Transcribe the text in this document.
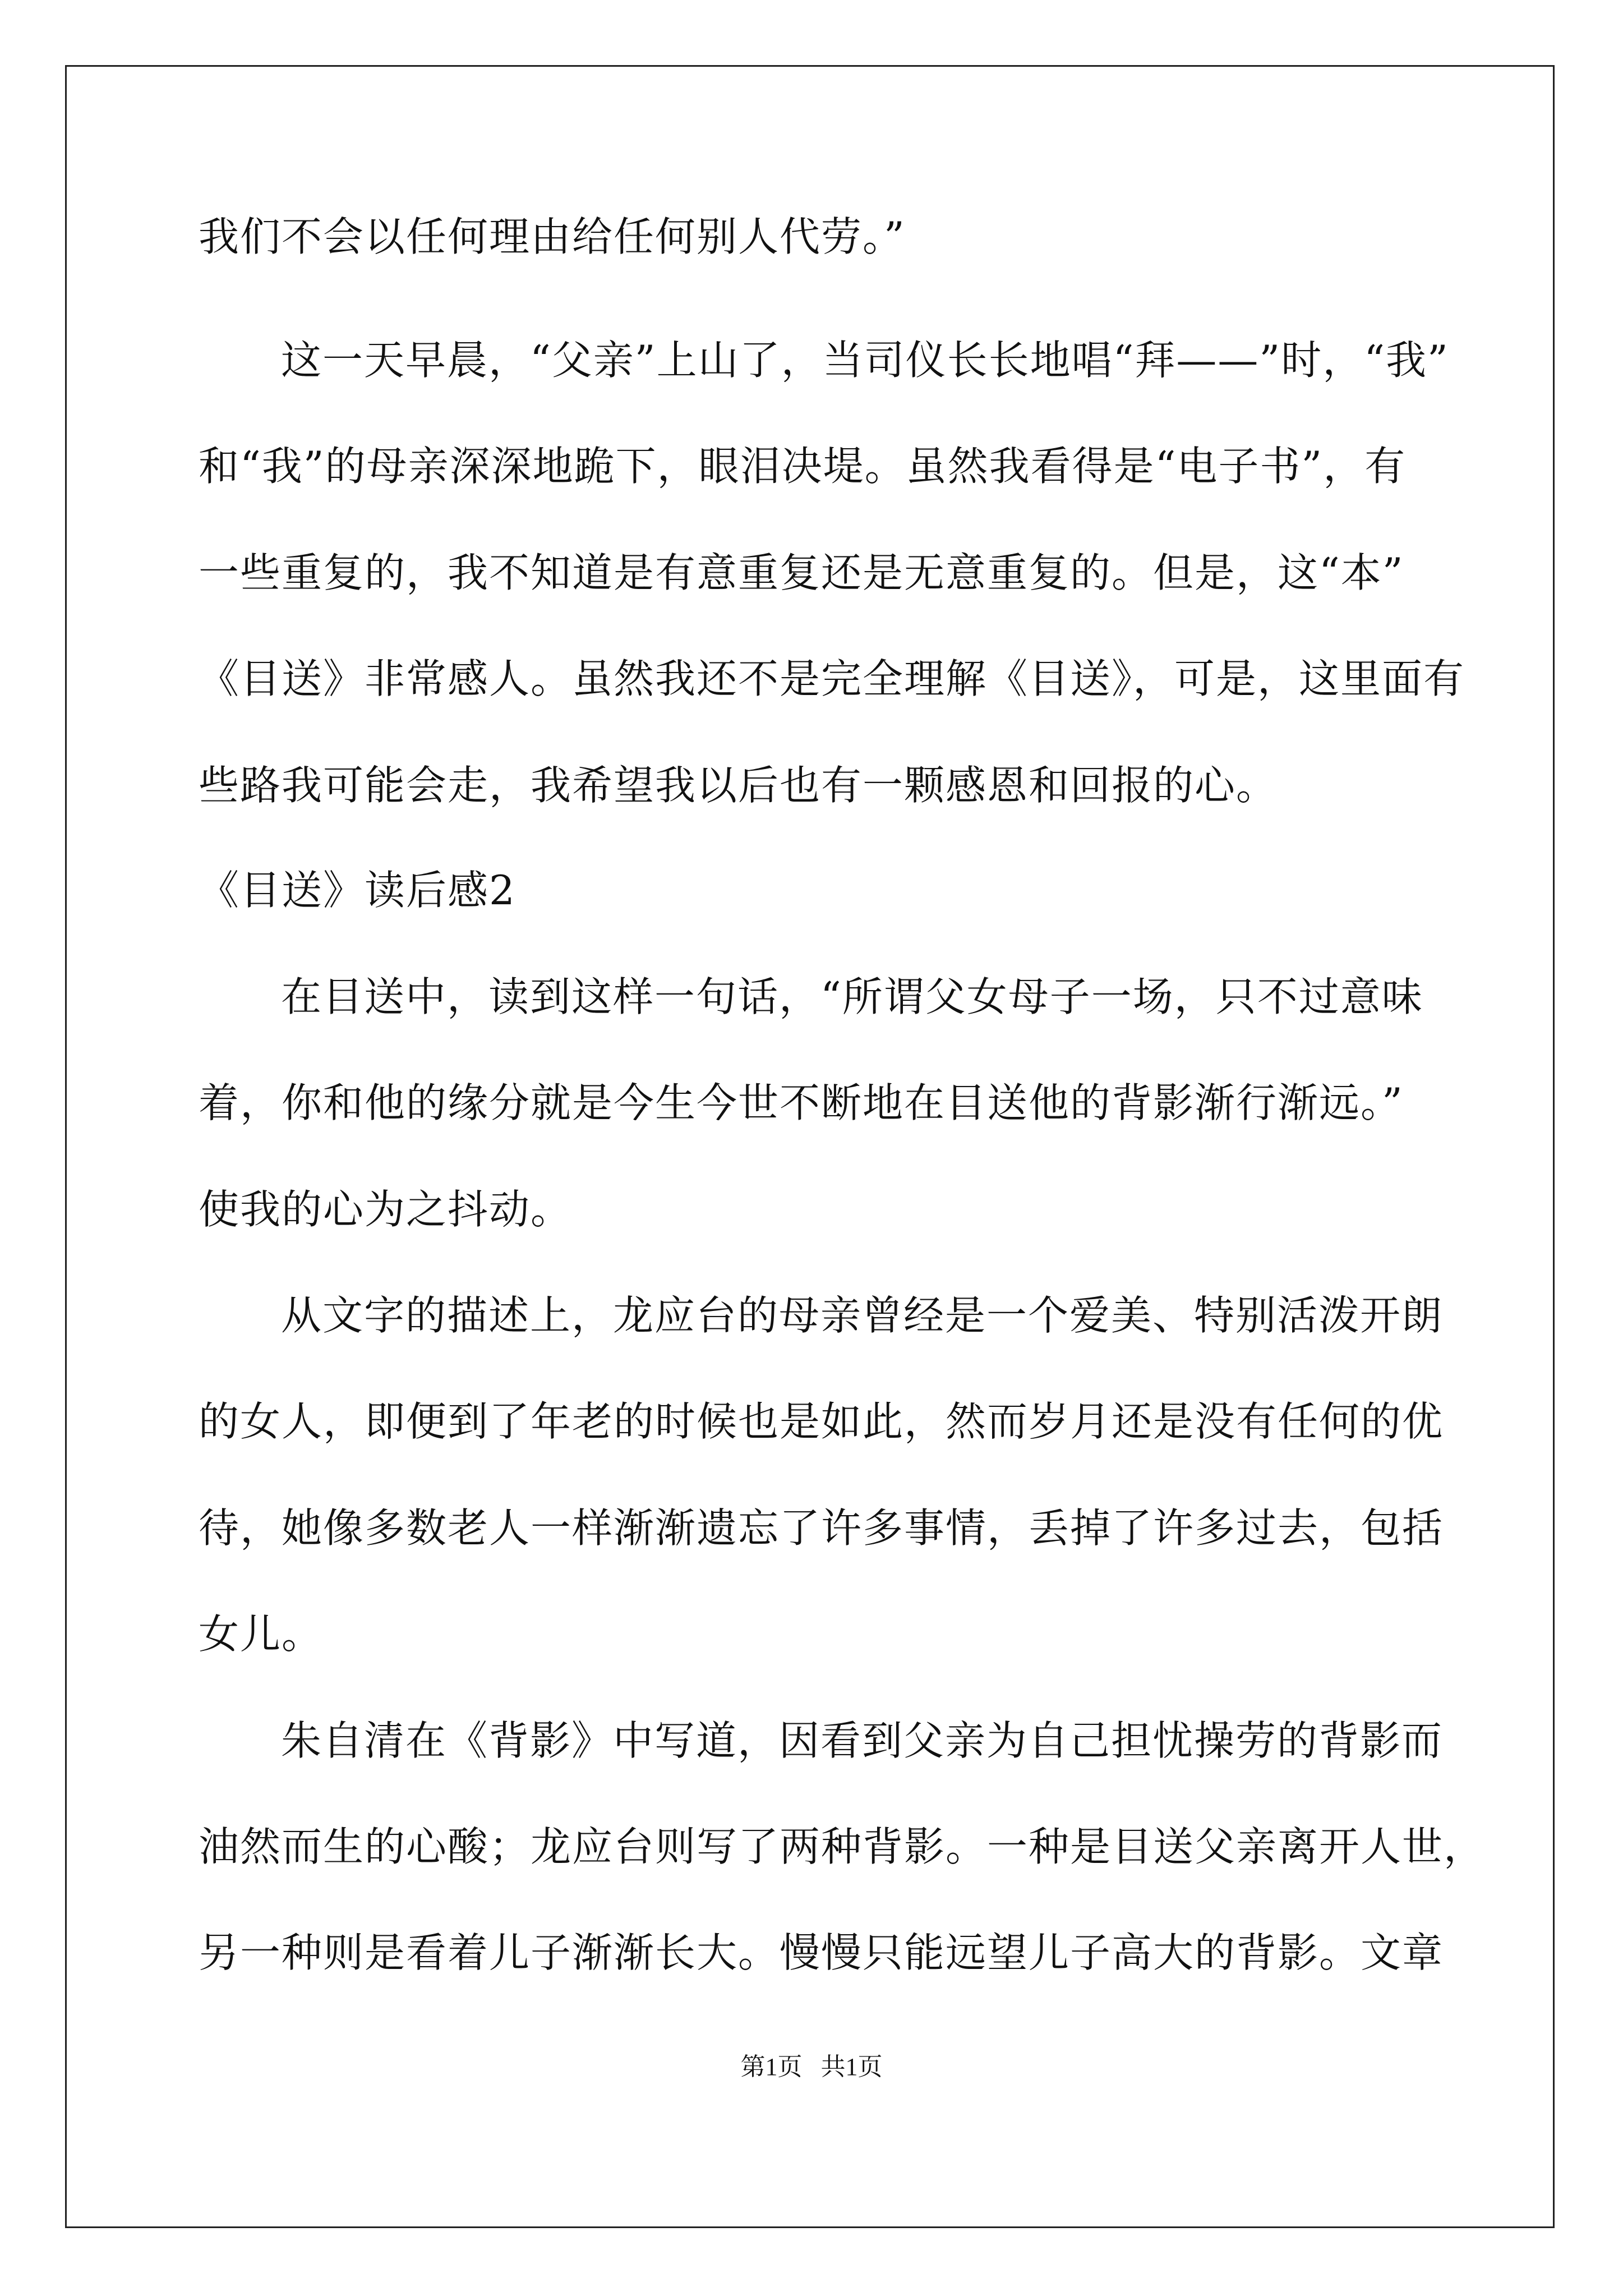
我们不会以任何理由给任何别人代劳。”
这一天早晨，“父亲”上山了，当司仪长长地唱“拜——”时，“我”
和“我”的母亲深深地跪下，眼泪决堤。虽然我看得是“电子书”，有
一些重复的，我不知道是有意重复还是无意重复的。但是，这“本”
《目送》非常感人。虽然我还不是完全理解《目送》，可是，这里面有
些路我可能会走，我希望我以后也有一颗感恩和回报的心。
《目送》读后感2
在目送中，读到这样一句话，“所谓父女母子一场，只不过意味
着，你和他的缘分就是今生今世不断地在目送他的背影渐行渐远。”
使我的心为之抖动。
从文字的描述上，龙应台的母亲曾经是一个爱美、特别活泼开朗
的女人，即便到了年老的时候也是如此，然而岁月还是没有任何的优
待，她像多数老人一样渐渐遗忘了许多事情，丢掉了许多过去，包括
女儿。
朱自清在《背影》中写道，因看到父亲为自己担忧操劳的背影而
油然而生的心酸；龙应台则写了两种背影。一种是目送父亲离开人世，
另一种则是看着儿子渐渐长大。慢慢只能远望儿子高大的背影。文章
第1页   共1页
